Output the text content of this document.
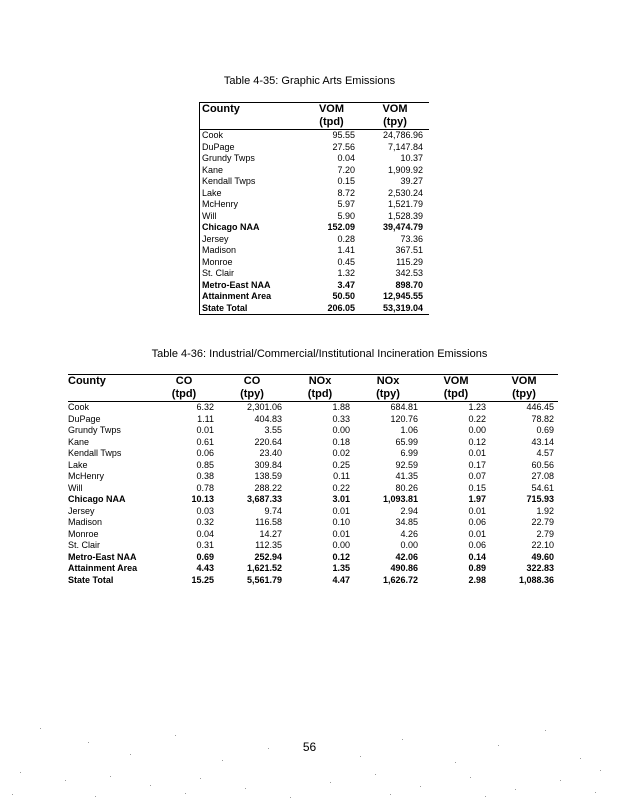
Table 4-35: Graphic Arts Emissions
County	VOM	VOM
	(tpd)	(tpy)
Cook	95.55	24,786.96
DuPage	27.56	7,147.84
Grundy Twps	0.04	10.37
Kane	7.20	1,909.92
Kendall Twps	0.15	39.27
Lake	8.72	2,530.24
McHenry	5.97	1,521.79
Will	5.90	1,528.39
Chicago NAA	152.09	39,474.79
Jersey	0.28	73.36
Madison	1.41	367.51
Monroe	0.45	115.29
St. Clair	1.32	342.53
Metro-East NAA	3.47	898.70
Attainment Area	50.50	12,945.55
State Total	206.05	53,319.04
Table 4-36: Industrial/Commercial/Institutional Incineration Emissions
County	CO	CO	NOx	NOx	VOM	VOM
	(tpd)	(tpy)	(tpd)	(tpy)	(tpd)	(tpy)
Cook	6.32	2,301.06	1.88	684.81	1.23	446.45
DuPage	1.11	404.83	0.33	120.76	0.22	78.82
Grundy Twps	0.01	3.55	0.00	1.06	0.00	0.69
Kane	0.61	220.64	0.18	65.99	0.12	43.14
Kendall Twps	0.06	23.40	0.02	6.99	0.01	4.57
Lake	0.85	309.84	0.25	92.59	0.17	60.56
McHenry	0.38	138.59	0.11	41.35	0.07	27.08
Will	0.78	288.22	0.22	80.26	0.15	54.61
Chicago NAA	10.13	3,687.33	3.01	1,093.81	1.97	715.93
Jersey	0.03	9.74	0.01	2.94	0.01	1.92
Madison	0.32	116.58	0.10	34.85	0.06	22.79
Monroe	0.04	14.27	0.01	4.26	0.01	2.79
St. Clair	0.31	112.35	0.00	0.00	0.06	22.10
Metro-East NAA	0.69	252.94	0.12	42.06	0.14	49.60
Attainment Area	4.43	1,621.52	1.35	490.86	0.89	322.83
State Total	15.25	5,561.79	4.47	1,626.72	2.98	1,088.36
56
